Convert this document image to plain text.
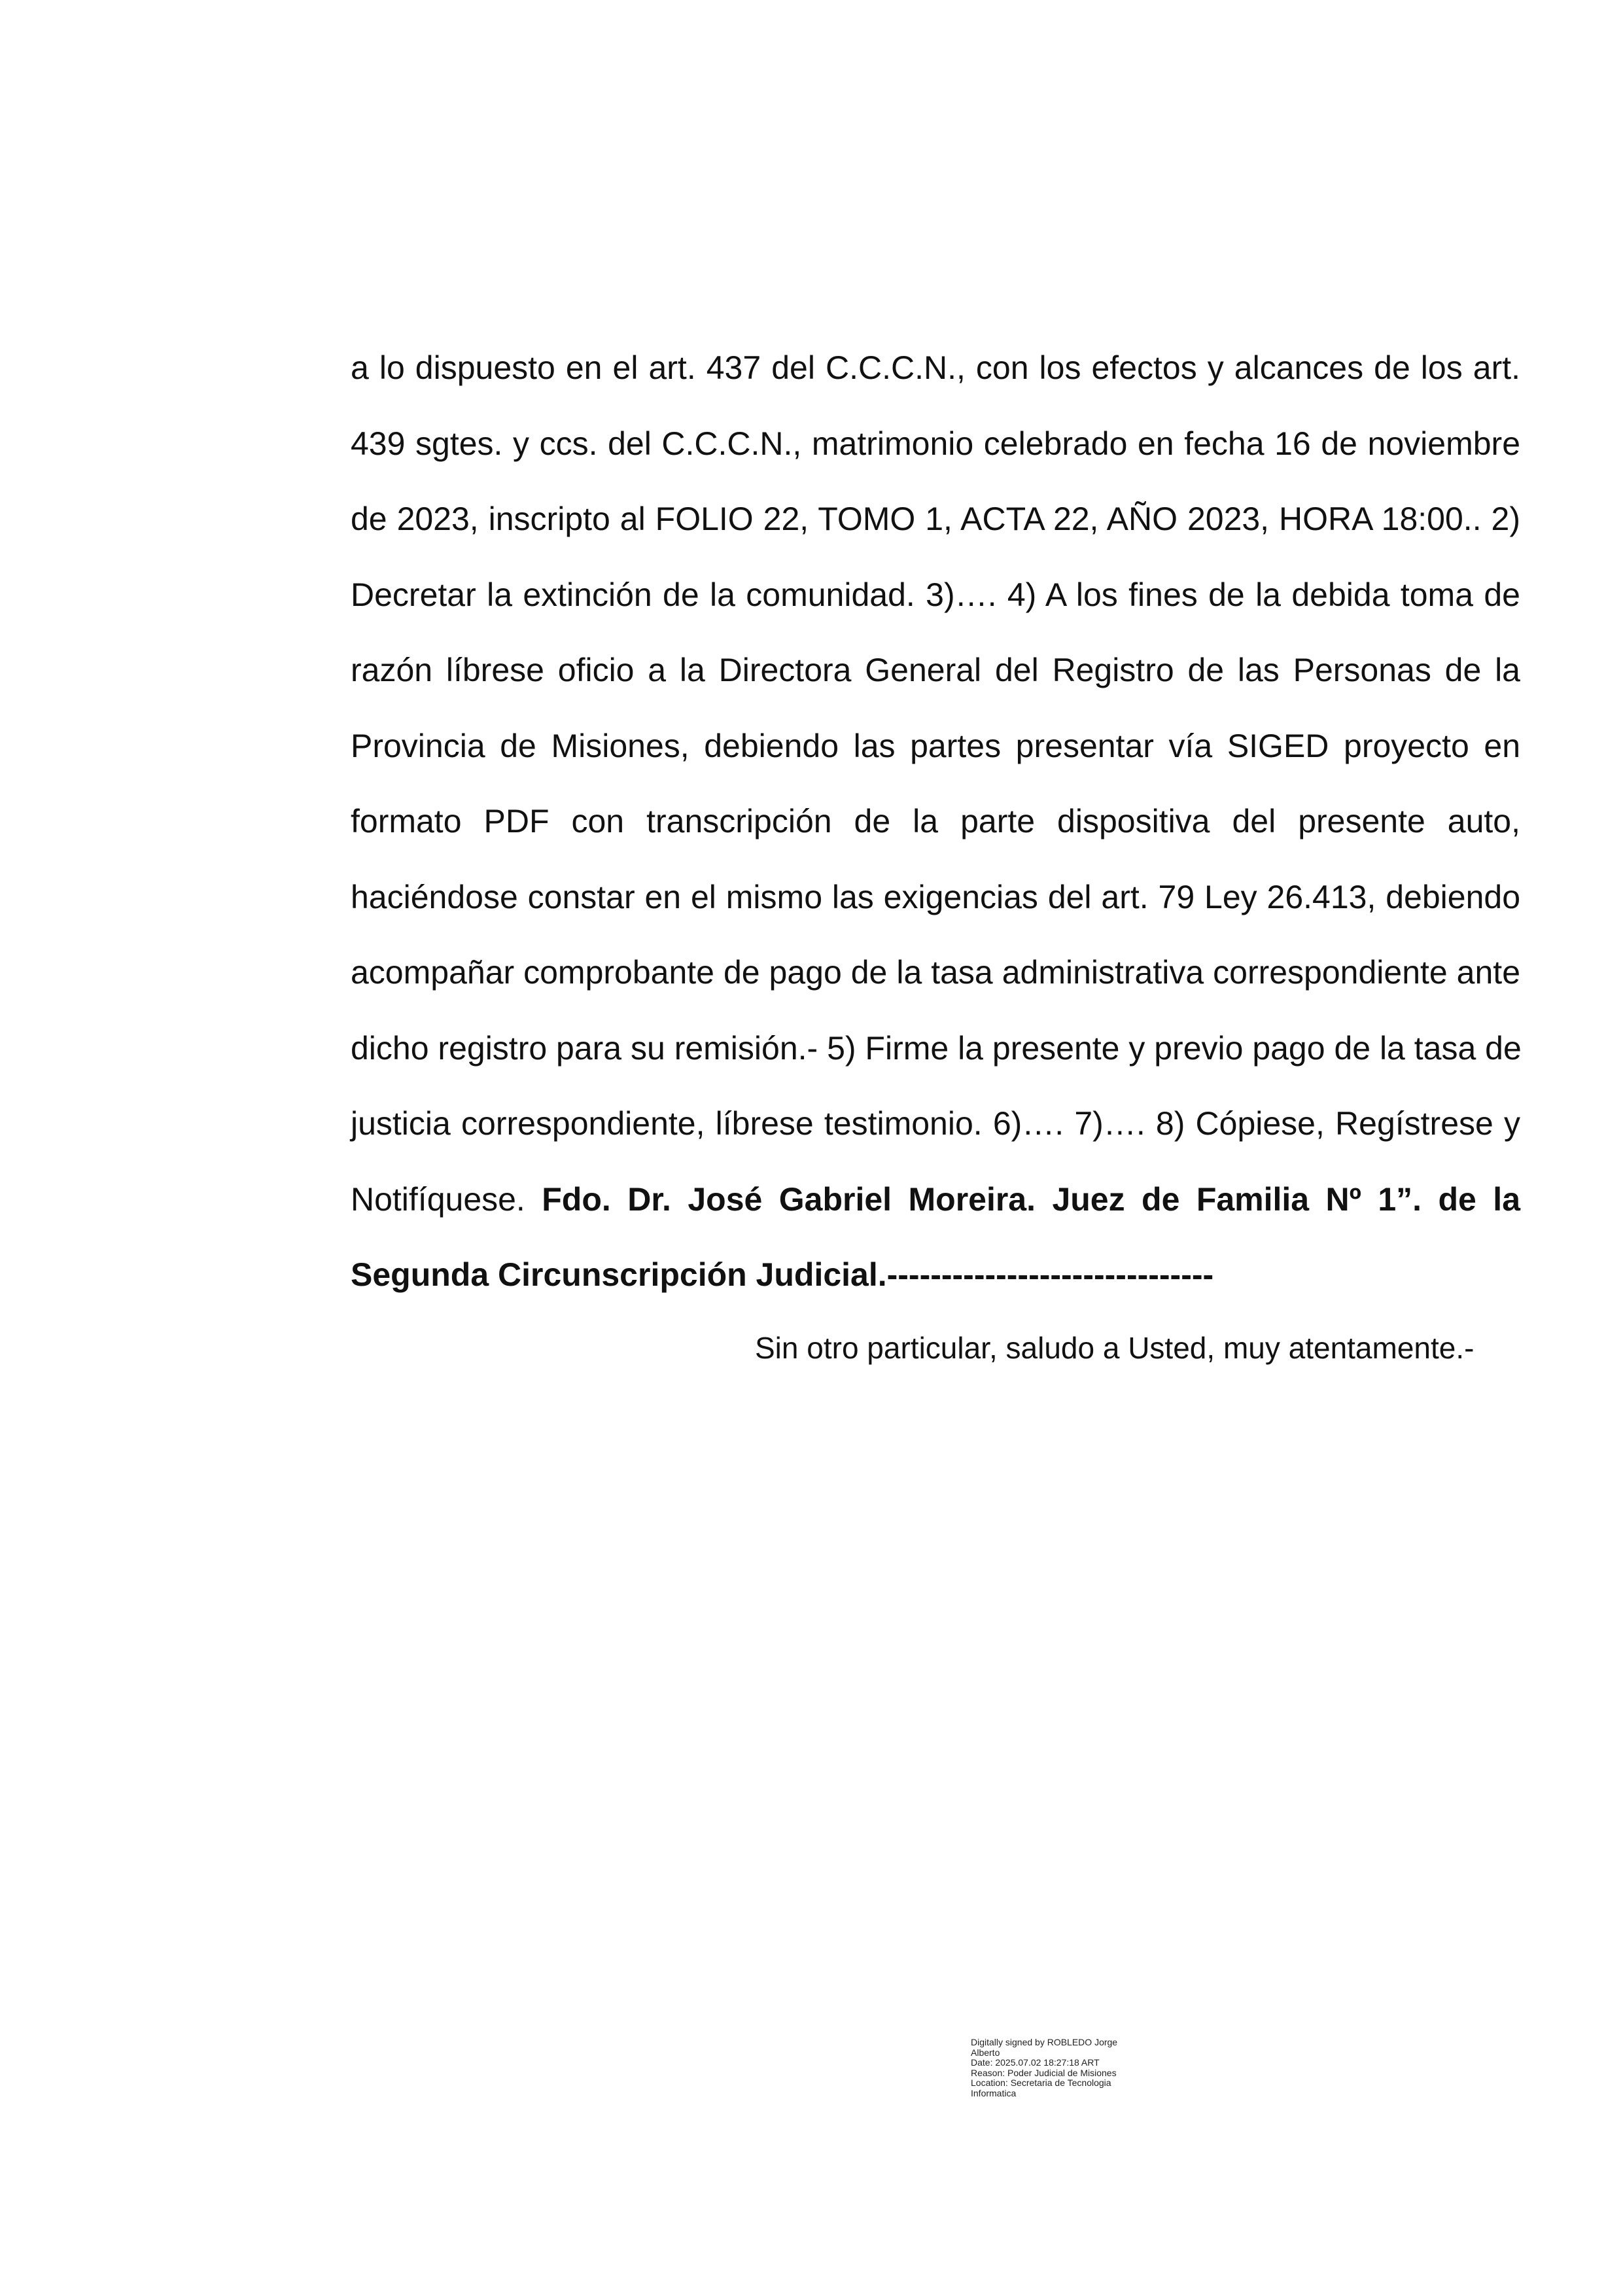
a lo dispuesto en el art. 437 del C.C.C.N., con los efectos y alcances de los art.
439 sgtes. y ccs. del C.C.C.N., matrimonio celebrado en fecha 16 de noviembre
de 2023, inscripto al FOLIO 22, TOMO 1, ACTA 22, AÑO 2023, HORA 18:00.. 2)
Decretar la extinción de la comunidad. 3)…. 4) A los fines de la debida toma de
razón líbrese oficio a la Directora General del Registro de las Personas de la
Provincia de Misiones, debiendo las partes presentar vía SIGED proyecto en
formato PDF con transcripción de la parte dispositiva del presente auto,
haciéndose constar en el mismo las exigencias del art. 79 Ley 26.413, debiendo
acompañar comprobante de pago de la tasa administrativa correspondiente ante
dicho registro para su remisión.- 5) Firme la presente y previo pago de la tasa de
justicia correspondiente, líbrese testimonio. 6)…. 7)…. 8) Cópiese, Regístrese y
Notifíquese. Fdo. Dr. José Gabriel Moreira. Juez de Familia Nº 1”. de la
Segunda Circunscripción Judicial.------------------------------
Sin otro particular, saludo a Usted, muy atentamente.-
Digitally signed by ROBLEDO Jorge
Alberto
Date: 2025.07.02 18:27:18 ART
Reason: Poder Judicial de Misiones
Location: Secretaria de Tecnologia
Informatica
